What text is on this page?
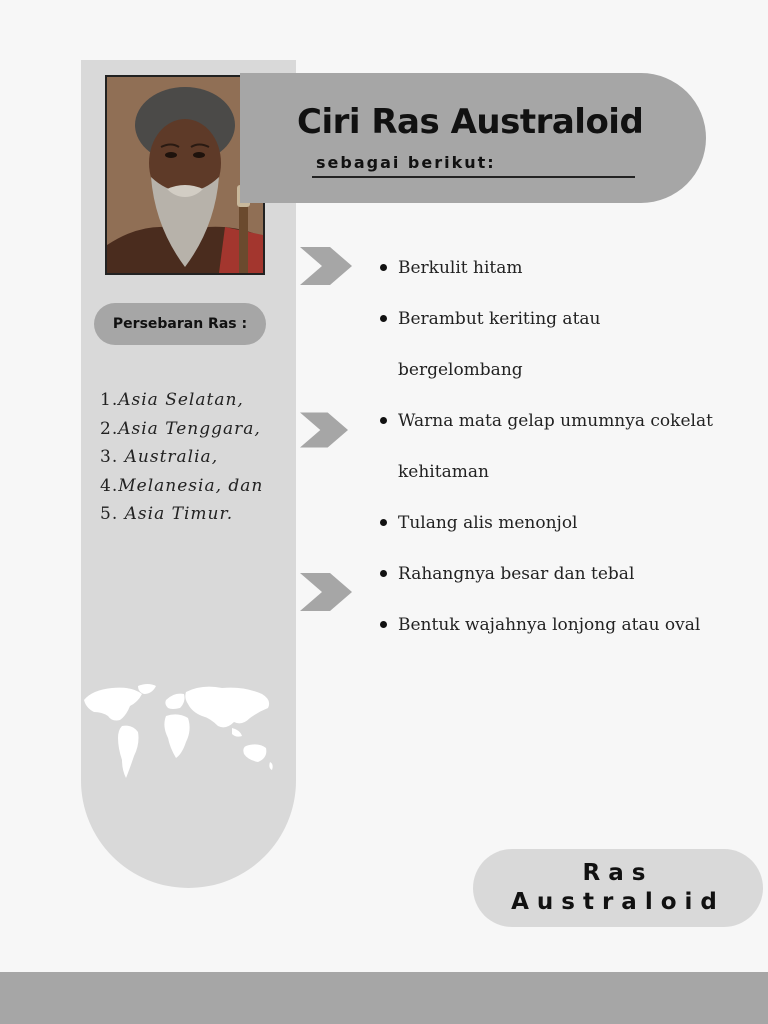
Ciri Ras Australoid

sebagai berikut:

Persebaran Ras :
1.Asia Selatan,
2.Asia Tenggara,
3. Australia,
4.Melanesia, dan
5. Asia Timur.
Berkulit hitam
Berambut keriting atau bergelombang
Warna mata gelap umumnya cokelat kehitaman
Tulang alis menonjol
Rahangnya besar dan tebal
Bentuk wajahnya lonjong atau oval
Ras
Australoid
